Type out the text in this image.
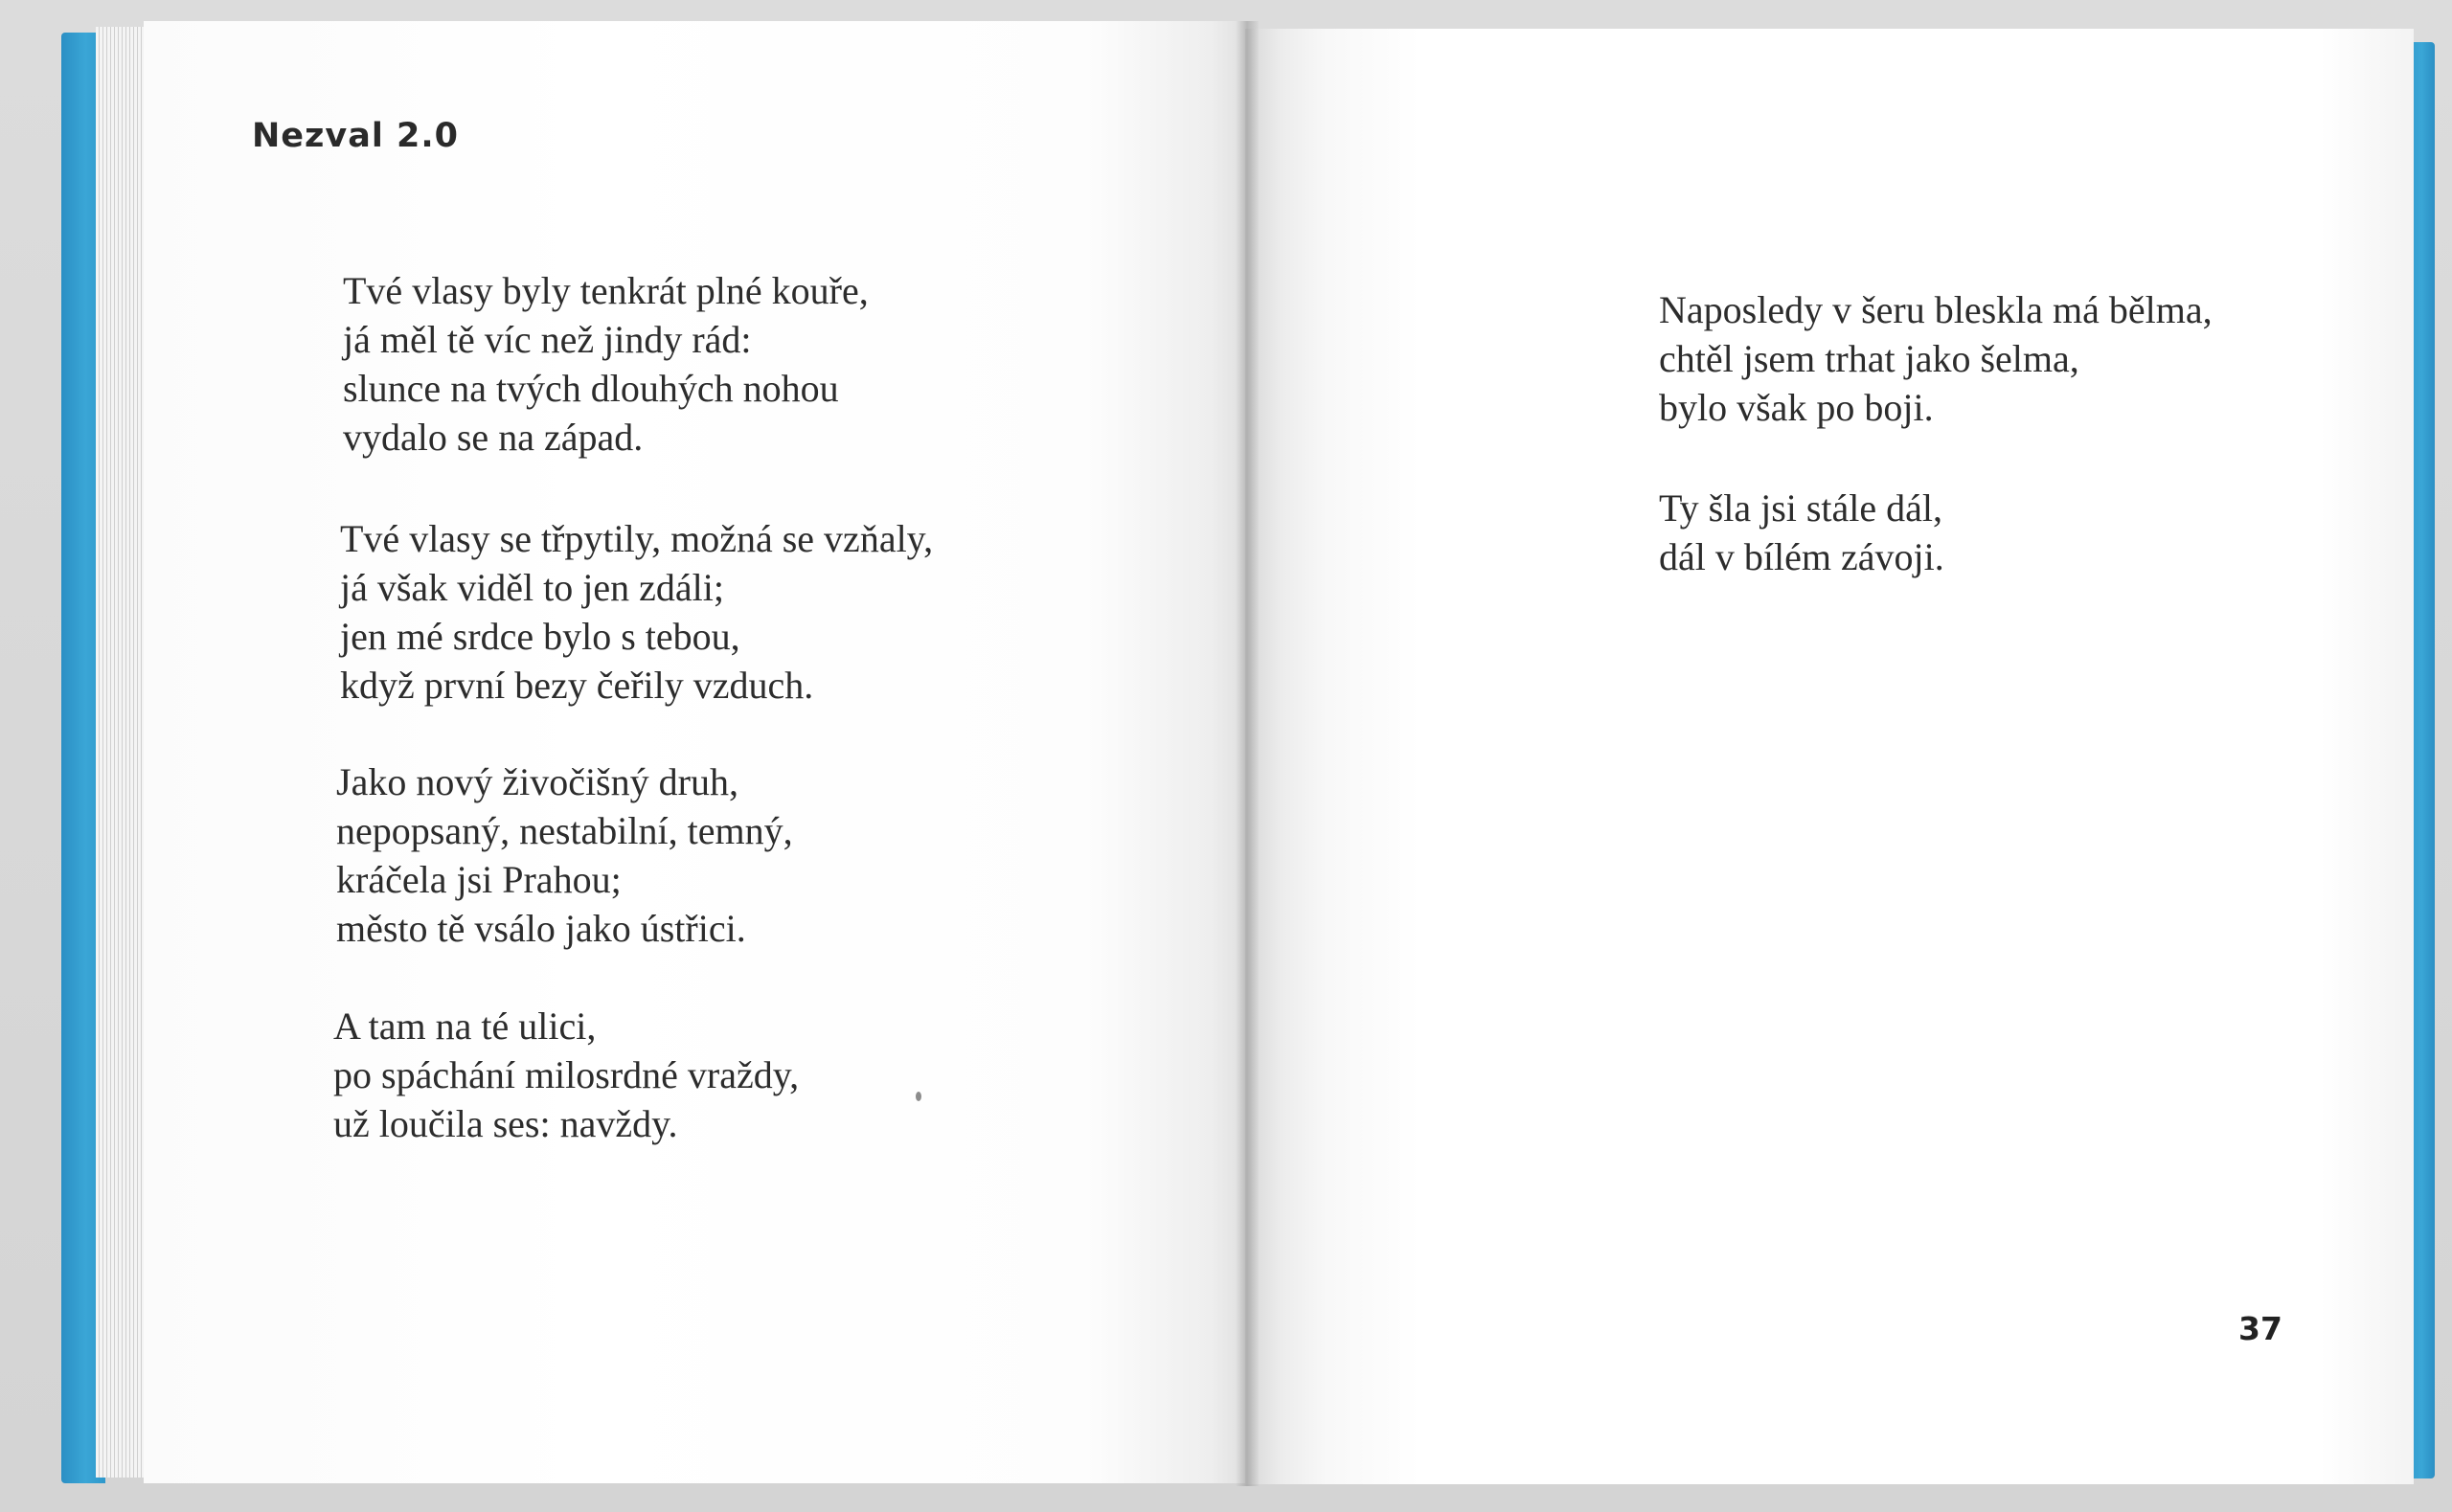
Nezval 2.0

Tvé vlasy byly tenkrát plné kouře,
já měl tě víc než jindy rád:
slunce na tvých dlouhých nohou
vydalo se na západ.

Tvé vlasy se třpytily, možná se vzňaly,
já však viděl to jen zdáli;
jen mé srdce bylo s tebou,
když první bezy čeřily vzduch.

Jako nový živočišný druh,
nepopsaný, nestabilní, temný,
kráčela jsi Prahou;
město tě vsálo jako ústřici.

A tam na té ulici,
po spáchání milosrdné vraždy,
už loučila ses: navždy.

Naposledy v šeru bleskla má bělma,
chtěl jsem trhat jako šelma,
bylo však po boji.

Ty šla jsi stále dál,
dál v bílém závoji.

37
